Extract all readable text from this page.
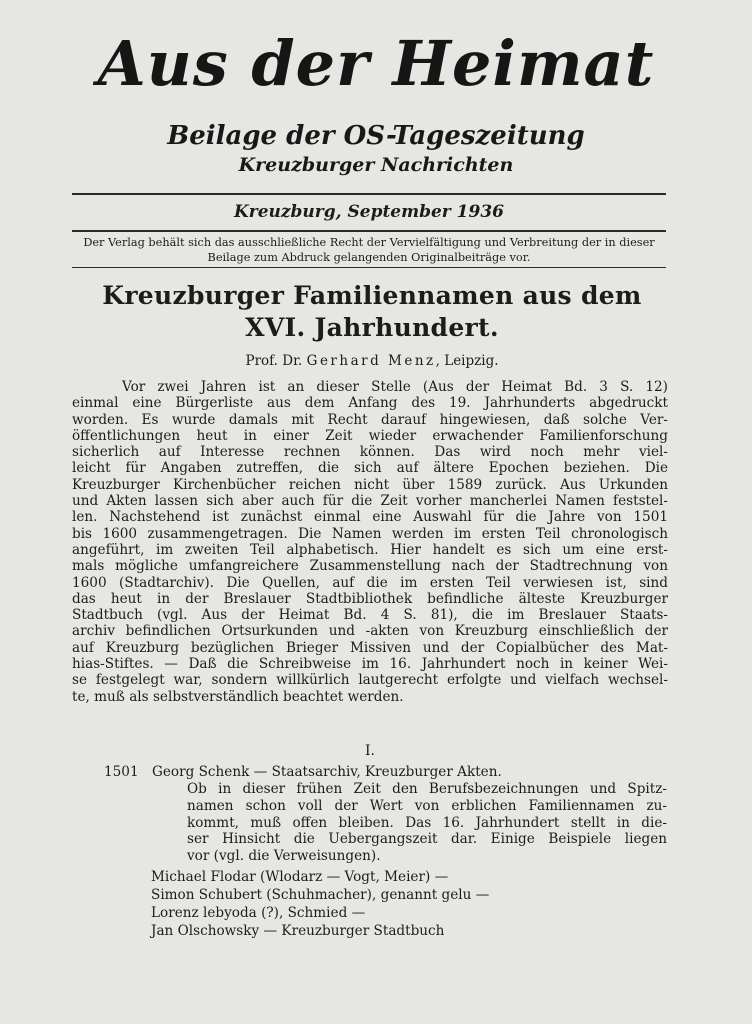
Aus der Heimat
Beilage der OS-Tageszeitung
Kreuzburger Nachrichten
Kreuzburg, September 1936
Der Verlag behält sich das ausschließliche Recht der Vervielfältigung und Verbreitung der in dieser Beilage zum Abdruck gelangenden Originalbeiträge vor.
Kreuzburger Familiennamen aus dem
XVI. Jahrhundert.
Prof. Dr. Gerhard Menz, Leipzig.
Vor zwei Jahren ist an dieser Stelle (Aus der Heimat Bd. 3 S. 12)
einmal eine Bürgerliste aus dem Anfang des 19. Jahrhunderts abgedruckt
worden. Es wurde damals mit Recht darauf hingewiesen, daß solche Ver-
öffentlichungen heut in einer Zeit wieder erwachender Familienforschung
sicherlich auf Interesse rechnen können. Das wird noch mehr viel-
leicht für Angaben zutreffen, die sich auf ältere Epochen beziehen. Die
Kreuzburger Kirchenbücher reichen nicht über 1589 zurück. Aus Urkunden
und Akten lassen sich aber auch für die Zeit vorher mancherlei Namen feststel-
len. Nachstehend ist zunächst einmal eine Auswahl für die Jahre von 1501
bis 1600 zusammengetragen. Die Namen werden im ersten Teil chronologisch
angeführt, im zweiten Teil alphabetisch. Hier handelt es sich um eine erst-
mals mögliche umfangreichere Zusammenstellung nach der Stadtrechnung von
1600 (Stadtarchiv). Die Quellen, auf die im ersten Teil verwiesen ist, sind
das heut in der Breslauer Stadtbibliothek befindliche älteste Kreuzburger
Stadtbuch (vgl. Aus der Heimat Bd. 4 S. 81), die im Breslauer Staats-
archiv befindlichen Ortsurkunden und -akten von Kreuzburg einschließlich der
auf Kreuzburg bezüglichen Brieger Missiven und der Copialbücher des Mat-
hias-Stiftes. — Daß die Schreibweise im 16. Jahrhundert noch in keiner Wei-
se festgelegt war, sondern willkürlich lautgerecht erfolgte und vielfach wechsel-
te, muß als selbstverständlich beachtet werden.
I.
1501 Georg Schenk — Staatsarchiv, Kreuzburger Akten.
Ob in dieser frühen Zeit den Berufsbezeichnungen und Spitz-
namen schon voll der Wert von erblichen Familiennamen zu-
kommt, muß offen bleiben. Das 16. Jahrhundert stellt in die-
ser Hinsicht die Uebergangszeit dar. Einige Beispiele liegen
vor (vgl. die Verweisungen).
Michael Flodar (Wlodarz — Vogt, Meier) —
Simon Schubert (Schuhmacher), genannt gelu —
Lorenz lebyoda (?), Schmied —
Jan Olschowsky — Kreuzburger Stadtbuch
